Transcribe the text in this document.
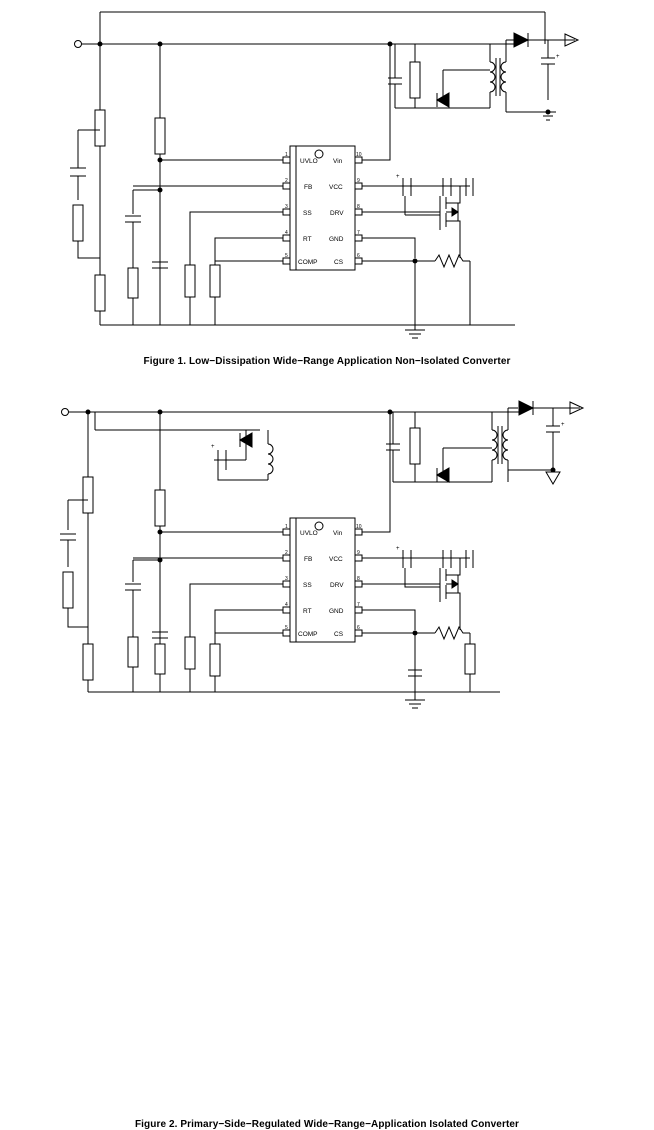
UVLO
FB
SS
RT
COMP
Vin
VCC
DRV
GND
CS
1
2
3
4
5
10
9
8
7
6
+
+
Figure 1. Low−Dissipation Wide−Range Application Non−Isolated Converter
+
UVLO
FB
SS
RT
COMP
Vin
VCC
DRV
GND
CS
1
2
3
4
5
10
9
8
7
6
+
+
Figure 2. Primary−Side−Regulated Wide−Range−Application Isolated Converter
